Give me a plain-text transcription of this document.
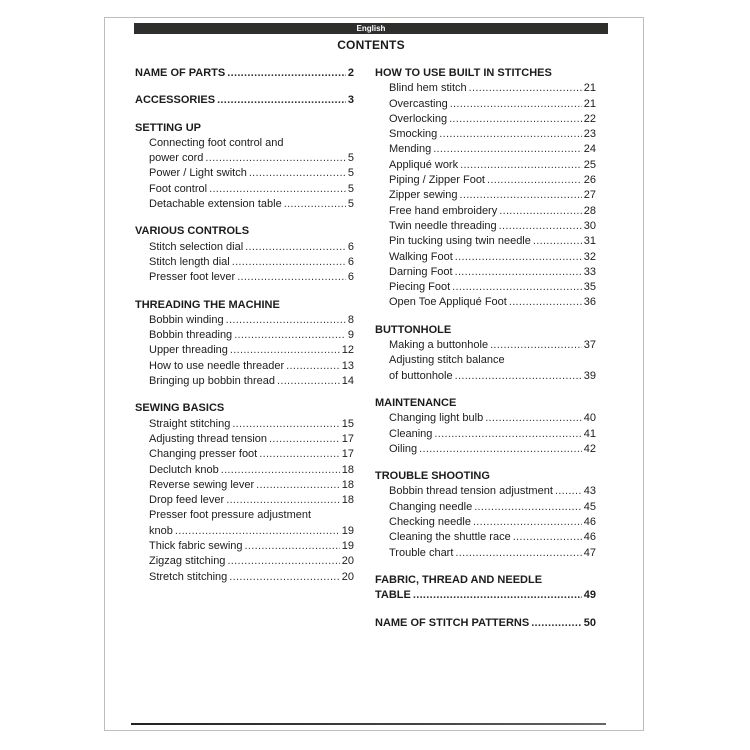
English
CONTENTS
NAME OF PARTS .....	2
ACCESSORIES .....	3
SETTING UP
Connecting foot control and
power cord .....	5
Power / Light switch .....	5
Foot control .....	5
Detachable extension table .....	5
VARIOUS CONTROLS
Stitch selection dial .....	6
Stitch length dial .....	6
Presser foot lever .....	6
THREADING THE MACHINE
Bobbin winding .....	8
Bobbin threading .....	9
Upper threading .....	12
How to use needle threader .....	13
Bringing up bobbin thread .....	14
SEWING BASICS
Straight stitching .....	15
Adjusting thread tension .....	17
Changing presser foot .....	17
Declutch knob .....	18
Reverse sewing lever .....	18
Drop feed lever .....	18
Presser foot pressure adjustment
knob .....	19
Thick fabric sewing .....	19
Zigzag stitching .....	20
Stretch stitching .....	20
HOW TO USE BUILT IN STITCHES
Blind hem stitch .....	21
Overcasting .....	21
Overlocking .....	22
Smocking .....	23
Mending .....	24
Appliqué work .....	25
Piping / Zipper Foot .....	26
Zipper sewing .....	27
Free hand embroidery .....	28
Twin needle threading .....	30
Pin tucking using twin needle .....	31
Walking Foot .....	32
Darning Foot .....	33
Piecing Foot .....	35
Open Toe Appliqué Foot .....	36
BUTTONHOLE
Making a buttonhole .....	37
Adjusting stitch balance
of buttonhole .....	39
MAINTENANCE
Changing light bulb .....	40
Cleaning .....	41
Oiling .....	42
TROUBLE SHOOTING
Bobbin thread tension adjustment .....	43
Changing needle .....	45
Checking needle .....	46
Cleaning the shuttle race .....	46
Trouble chart .....	47
FABRIC, THREAD AND NEEDLE
TABLE .....	49
NAME OF STITCH PATTERNS .....	50
